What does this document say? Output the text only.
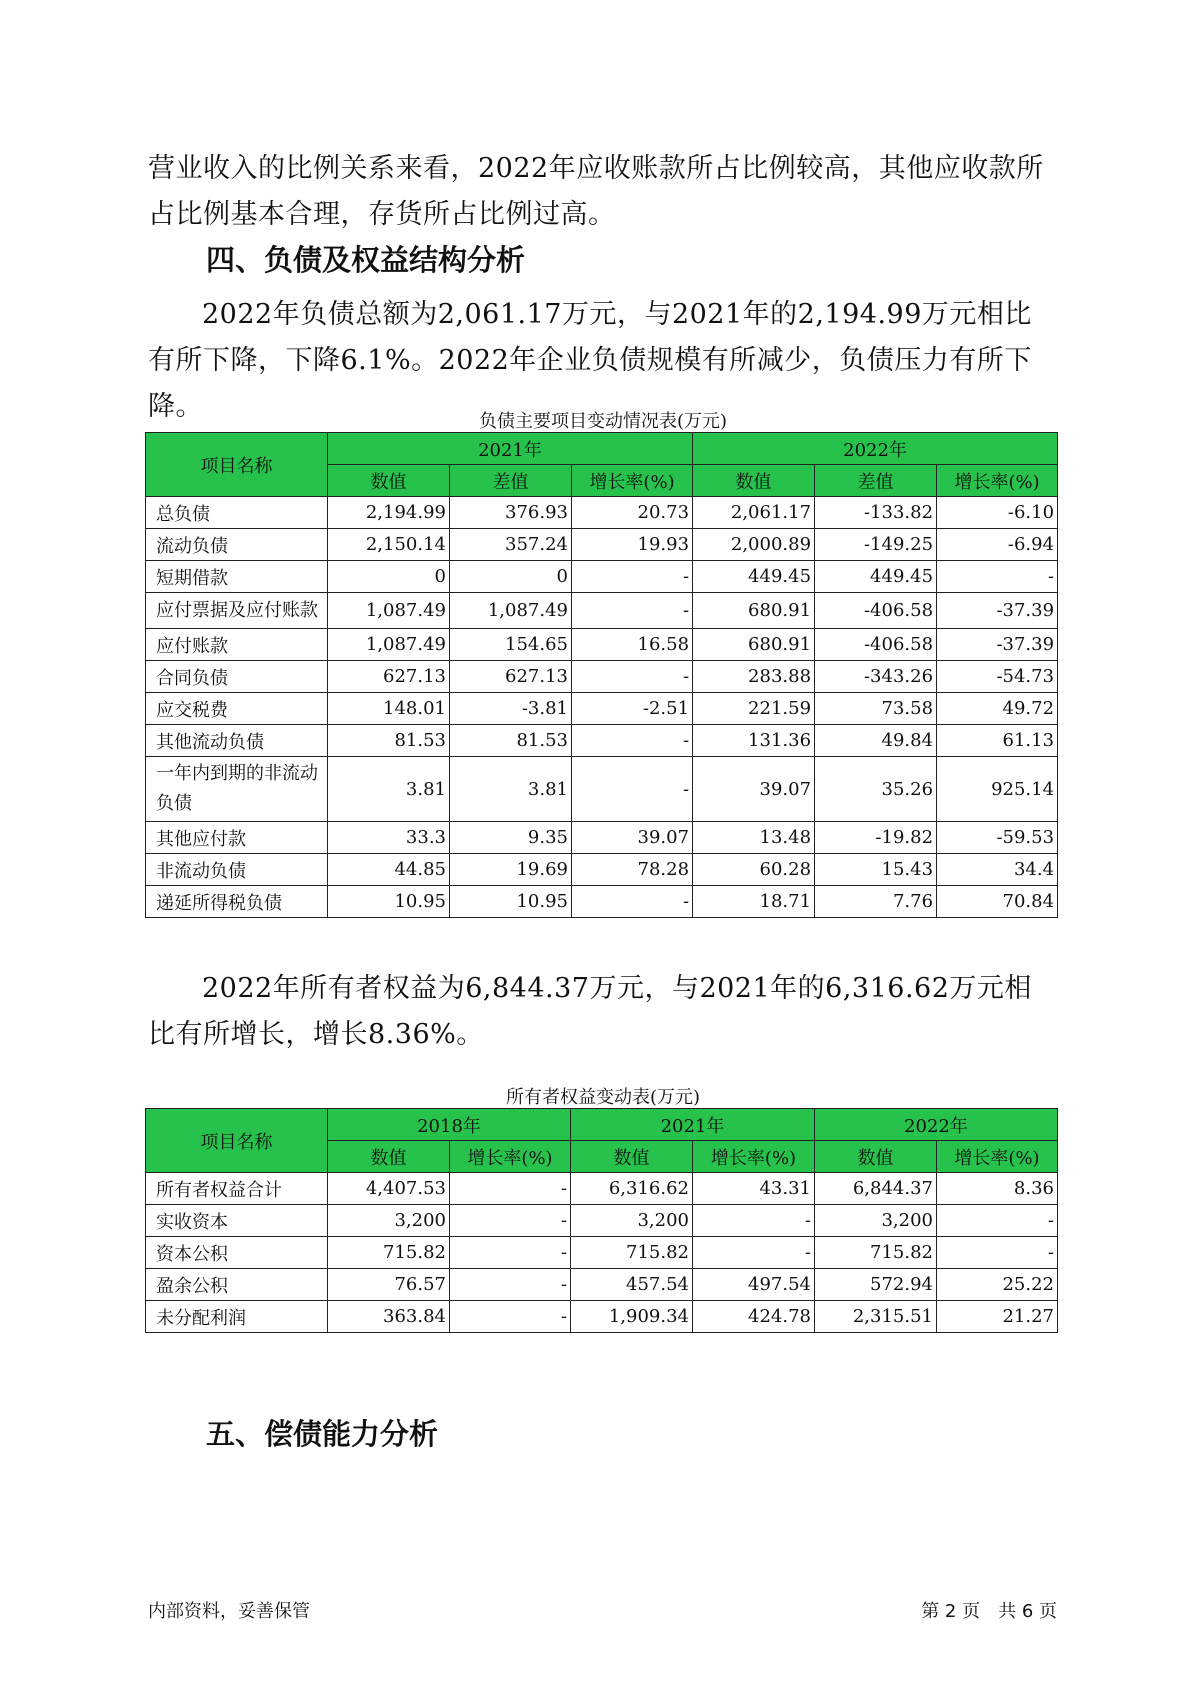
营业收入的比例关系来看，2022年应收账款所占比例较高，其他应收款所占比例基本合理，存货所占比例过高。

四、负债及权益结构分析

2022年负债总额为2,061.17万元，与2021年的2,194.99万元相比有所下降，下降6.1%。2022年企业负债规模有所减少，负债压力有所下降。	负债主要项目变动情况表(万元)
项目名称	2021年			2022年		
	数值	差值	增长率(%)	数值	差值	增长率(%)
总负债	2,194.99	376.93	20.73	2,061.17	-133.82	-6.10
流动负债	2,150.14	357.24	19.93	2,000.89	-149.25	-6.94
短期借款	0	0	-	449.45	449.45	-
应付票据及应付账款	1,087.49	1,087.49	-	680.91	-406.58	-37.39
应付账款	1,087.49	154.65	16.58	680.91	-406.58	-37.39
合同负债	627.13	627.13	-	283.88	-343.26	-54.73
应交税费	148.01	-3.81	-2.51	221.59	73.58	49.72
其他流动负债	81.53	81.53	-	131.36	49.84	61.13
一年内到期的非流动负债	3.81	3.81	-	39.07	35.26	925.14
其他应付款	33.3	9.35	39.07	13.48	-19.82	-59.53
非流动负债	44.85	19.69	78.28	60.28	15.43	34.4
递延所得税负债	10.95	10.95	-	18.71	7.76	70.84

2022年所有者权益为6,844.37万元，与2021年的6,316.62万元相比有所增长，增长8.36%。

所有者权益变动表(万元)
项目名称	2018年		2021年		2022年	
	数值	增长率(%)	数值	增长率(%)	数值	增长率(%)
所有者权益合计	4,407.53	-	6,316.62	43.31	6,844.37	8.36
实收资本	3,200	-	3,200	-	3,200	-
资本公积	715.82	-	715.82	-	715.82	-
盈余公积	76.57	-	457.54	497.54	572.94	25.22
未分配利润	363.84	-	1,909.34	424.78	2,315.51	21.27
五、偿债能力分析
内部资料，妥善保管	第 2 页　共 6 页
